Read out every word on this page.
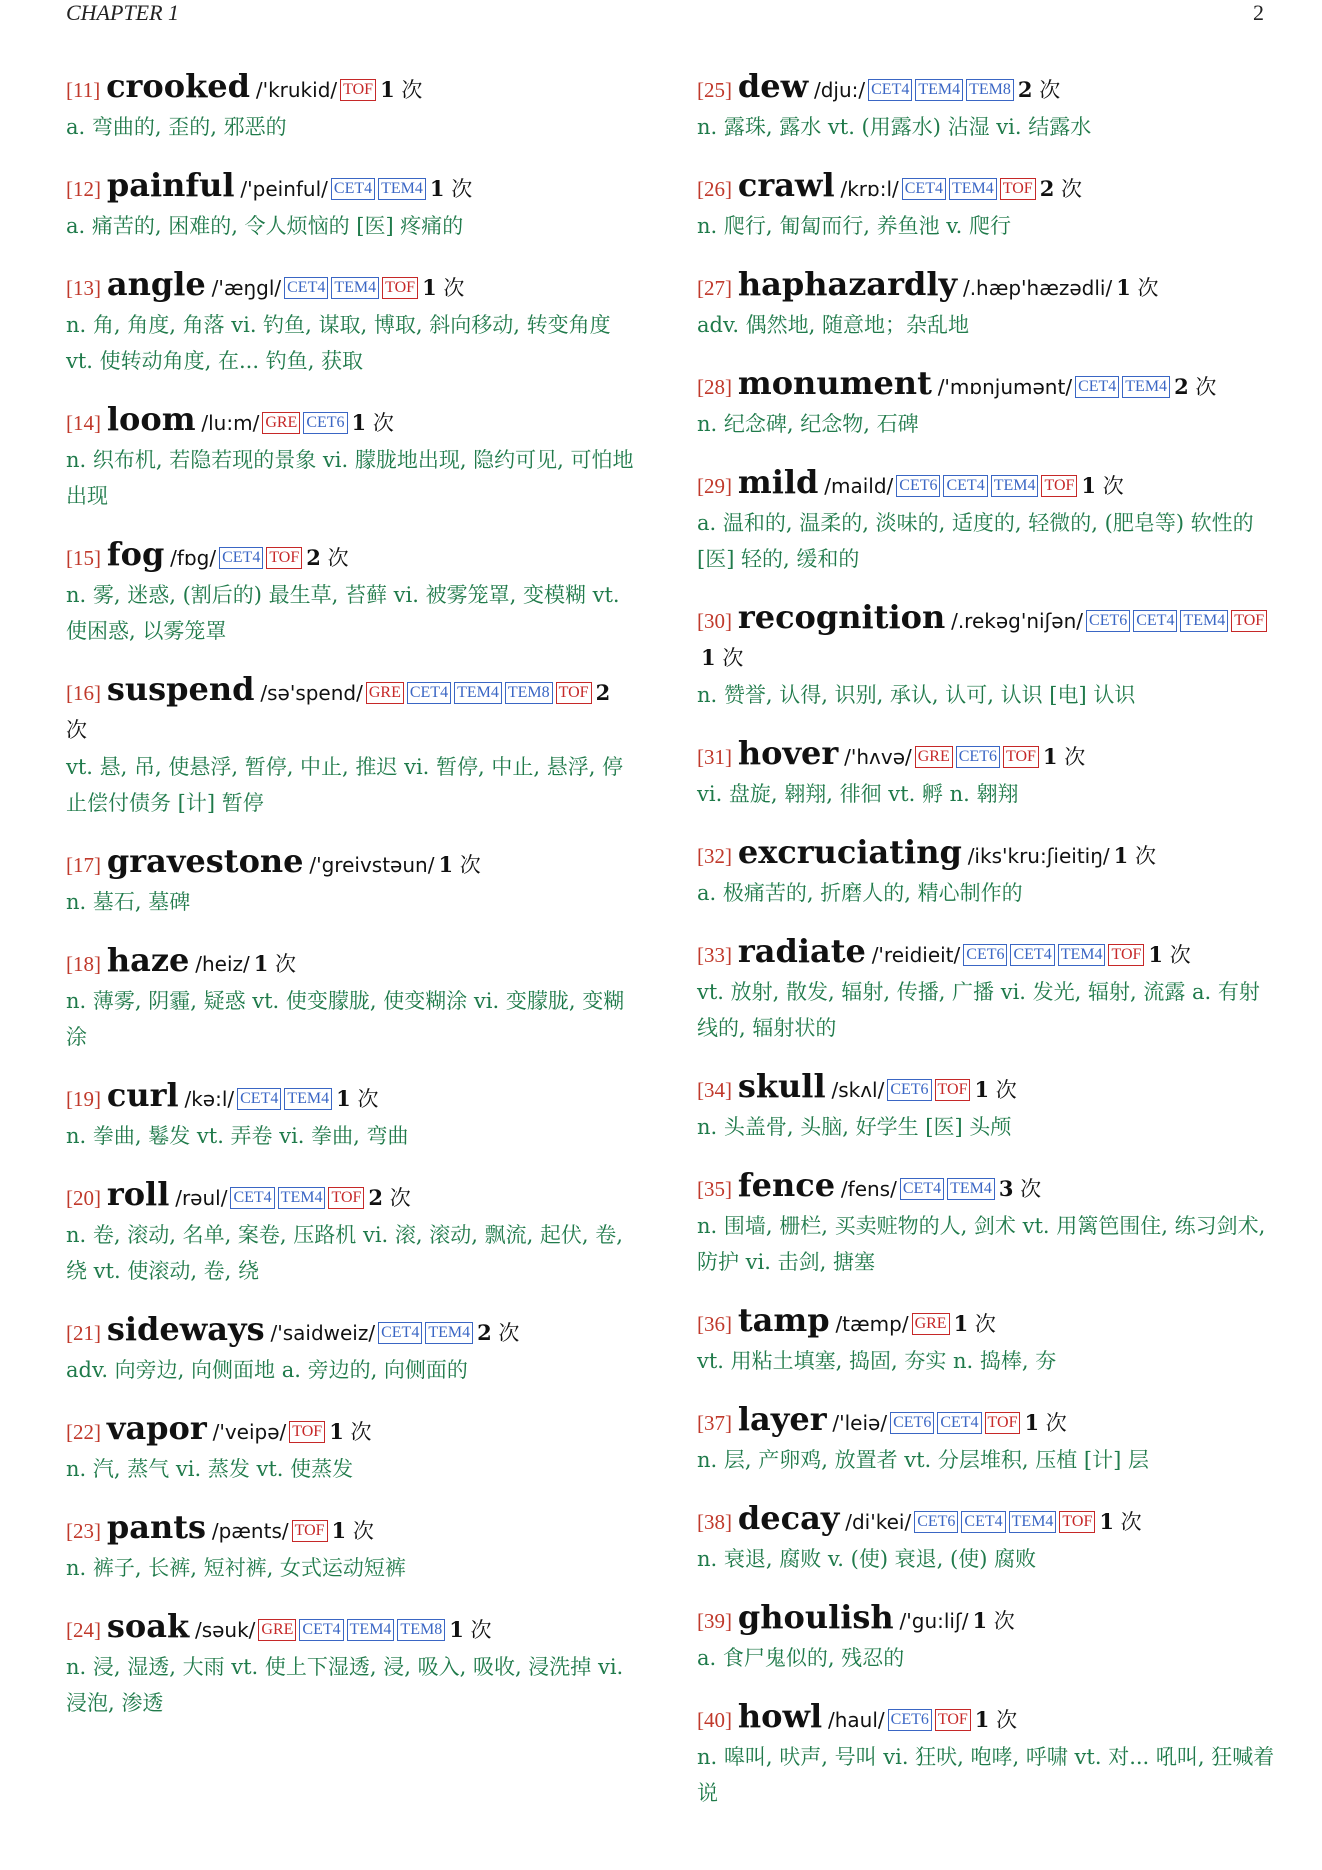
CHAPTER 1	2
[11] crooked /'krukid/ TOF 1 次
a. 弯曲的, 歪的, 邪恶的
[12] painful /'peinful/ CET4 TEM4 1 次
a. 痛苦的, 困难的, 令人烦恼的 [医] 疼痛的
[13] angle /'æŋgl/ CET4 TEM4 TOF 1 次
n. 角, 角度, 角落 vi. 钓鱼, 谋取, 博取, 斜向移动, 转变角度 vt. 使转动角度, 在... 钓鱼, 获取
[14] loom /lu:m/ GRE CET6 1 次
n. 织布机, 若隐若现的景象 vi. 朦胧地出现, 隐约可见, 可怕地出现
[15] fog /fɒg/ CET4 TOF 2 次
n. 雾, 迷惑, (割后的) 最生草, 苔藓 vi. 被雾笼罩, 变模糊 vt. 使困惑, 以雾笼罩
[16] suspend /sə'spend/ GRE CET4 TEM4 TEM8 TOF 2 次
vt. 悬, 吊, 使悬浮, 暂停, 中止, 推迟 vi. 暂停, 中止, 悬浮, 停止偿付债务 [计] 暂停
[17] gravestone /'greivstəun/ 1 次
n. 墓石, 墓碑
[18] haze /heiz/ 1 次
n. 薄雾, 阴霾, 疑惑 vt. 使变朦胧, 使变糊涂 vi. 变朦胧, 变糊涂
[19] curl /kə:l/ CET4 TEM4 1 次
n. 拳曲, 鬈发 vt. 弄卷 vi. 拳曲, 弯曲
[20] roll /rəul/ CET4 TEM4 TOF 2 次
n. 卷, 滚动, 名单, 案卷, 压路机 vi. 滚, 滚动, 飘流, 起伏, 卷, 绕 vt. 使滚动, 卷, 绕
[21] sideways /'saidweiz/ CET4 TEM4 2 次
adv. 向旁边, 向侧面地 a. 旁边的, 向侧面的
[22] vapor /'veipə/ TOF 1 次
n. 汽, 蒸气 vi. 蒸发 vt. 使蒸发
[23] pants /pænts/ TOF 1 次
n. 裤子, 长裤, 短衬裤, 女式运动短裤
[24] soak /səuk/ GRE CET4 TEM4 TEM8 1 次
n. 浸, 湿透, 大雨 vt. 使上下湿透, 浸, 吸入, 吸收, 浸洗掉 vi. 浸泡, 渗透
[25] dew /dju:/ CET4 TEM4 TEM8 2 次
n. 露珠, 露水 vt. (用露水) 沾湿 vi. 结露水
[26] crawl /krɒ:l/ CET4 TEM4 TOF 2 次
n. 爬行, 匍匐而行, 养鱼池 v. 爬行
[27] haphazardly /.hæp'hæzədli/ 1 次
adv. 偶然地, 随意地；杂乱地
[28] monument /'mɒnjumənt/ CET4 TEM4 2 次
n. 纪念碑, 纪念物, 石碑
[29] mild /maild/ CET6 CET4 TEM4 TOF 1 次
a. 温和的, 温柔的, 淡味的, 适度的, 轻微的, (肥皂等) 软性的 [医] 轻的, 缓和的
[30] recognition /.rekəg'niʃən/ CET6 CET4 TEM4 TOF1 次
n. 赞誉, 认得, 识别, 承认, 认可, 认识 [电] 认识
[31] hover /'hʌvə/ GRE CET6 TOF 1 次
vi. 盘旋, 翱翔, 徘徊 vt. 孵 n. 翱翔
[32] excruciating /iks'kru:ʃieitiŋ/ 1 次
a. 极痛苦的, 折磨人的, 精心制作的
[33] radiate /'reidieit/ CET6 CET4 TEM4 TOF 1 次
vt. 放射, 散发, 辐射, 传播, 广播 vi. 发光, 辐射, 流露 a. 有射线的, 辐射状的
[34] skull /skʌl/ CET6 TOF 1 次
n. 头盖骨, 头脑, 好学生 [医] 头颅
[35] fence /fens/ CET4 TEM4 3 次
n. 围墙, 栅栏, 买卖赃物的人, 剑术 vt. 用篱笆围住, 练习剑术, 防护 vi. 击剑, 搪塞
[36] tamp /tæmp/ GRE 1 次
vt. 用粘土填塞, 捣固, 夯实 n. 捣棒, 夯
[37] layer /'leiə/ CET6 CET4 TOF 1 次
n. 层, 产卵鸡, 放置者 vt. 分层堆积, 压植 [计] 层
[38] decay /di'kei/ CET6 CET4 TEM4 TOF 1 次
n. 衰退, 腐败 v. (使) 衰退, (使) 腐败
[39] ghoulish /'gu:liʃ/ 1 次
a. 食尸鬼似的, 残忍的
[40] howl /haul/ CET6 TOF 1 次
n. 嗥叫, 吠声, 号叫 vi. 狂吠, 咆哮, 呼啸 vt. 对... 吼叫, 狂喊着说
